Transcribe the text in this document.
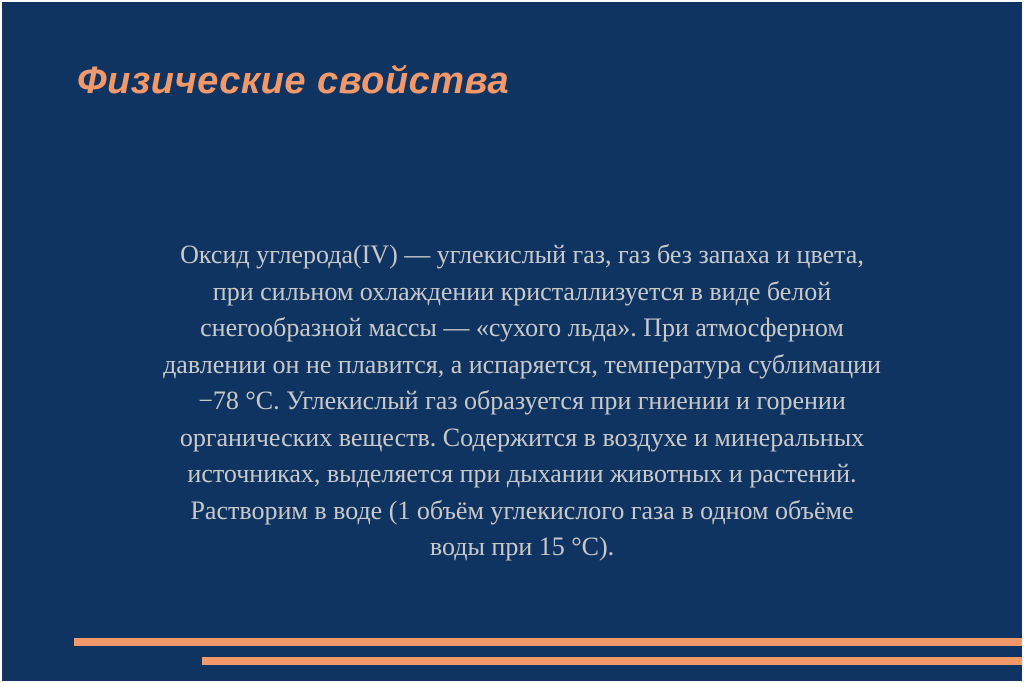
Физические свойства

Оксид углерода(IV) — углекислый газ, газ без запаха и цвета,
при сильном охлаждении кристаллизуется в виде белой
снегообразной массы — «сухого льда». При атмосферном
давлении он не плавится, а испаряется, температура сублимации
−78 °C. Углекислый газ образуется при гниении и горении
органических веществ. Содержится в воздухе и минеральных
источниках, выделяется при дыхании животных и растений.
Растворим в воде (1 объём углекислого газа в одном объёме
воды при 15 °C).
